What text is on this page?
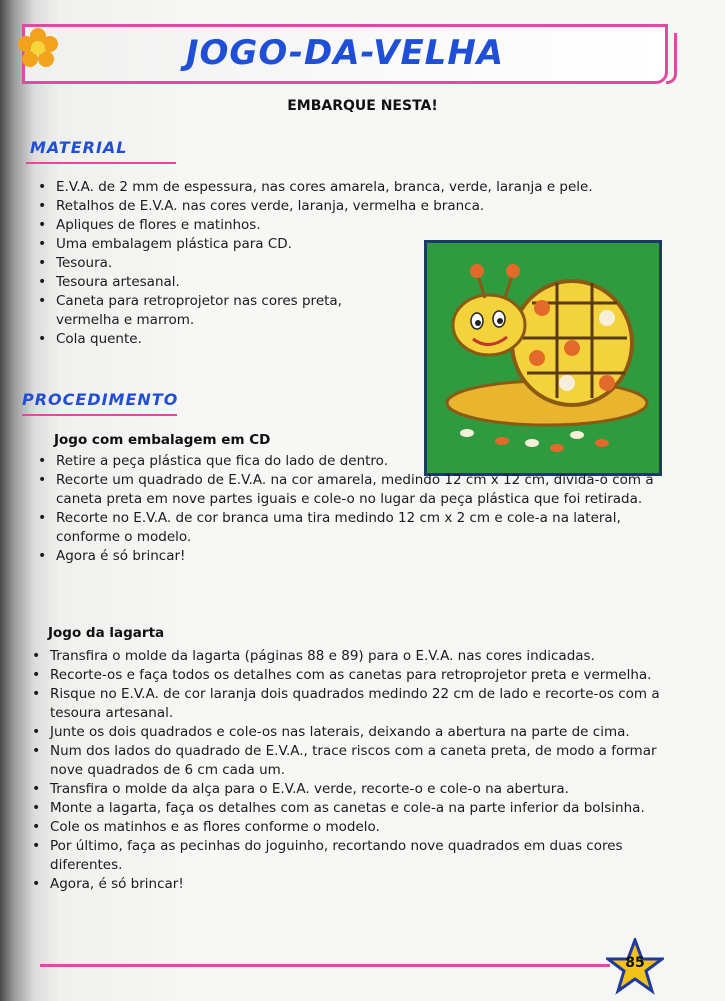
JOGO-DA-VELHA
EMBARQUE NESTA!
MATERIAL
• E.V.A. de 2 mm de espessura, nas cores amarela, branca, verde, laranja e pele.
• Retalhos de E.V.A. nas cores verde, laranja, vermelha e branca.
• Apliques de flores e matinhos.
• Uma embalagem plástica para CD.
• Tesoura.
• Tesoura artesanal.
• Caneta para retroprojetor nas cores preta, vermelha e marrom.
• Cola quente.
PROCEDIMENTO
Jogo com embalagem em CD
• Retire a peça plástica que fica do lado de dentro.
• Recorte um quadrado de E.V.A. na cor amarela, medindo 12 cm x 12 cm, divida-o com a caneta preta em nove partes iguais e cole-o no lugar da peça plástica que foi retirada.
• Recorte no E.V.A. de cor branca uma tira medindo 12 cm x 2 cm e cole-a na lateral, conforme o modelo.
• Agora é só brincar!
Jogo da lagarta
• Transfira o molde da lagarta (páginas 88 e 89) para o E.V.A. nas cores indicadas.
• Recorte-os e faça todos os detalhes com as canetas para retroprojetor preta e vermelha.
• Risque no E.V.A. de cor laranja dois quadrados medindo 22 cm de lado e recorte-os com a tesoura artesanal.
• Junte os dois quadrados e cole-os nas laterais, deixando a abertura na parte de cima.
• Num dos lados do quadrado de E.V.A., trace riscos com a caneta preta, de modo a formar nove quadrados de 6 cm cada um.
• Transfira o molde da alça para o E.V.A. verde, recorte-o e cole-o na abertura.
• Monte a lagarta, faça os detalhes com as canetas e cole-a na parte inferior da bolsinha.
• Cole os matinhos e as flores conforme o modelo.
• Por último, faça as pecinhas do joguinho, recortando nove quadrados em duas cores diferentes.
• Agora, é só brincar!
85
